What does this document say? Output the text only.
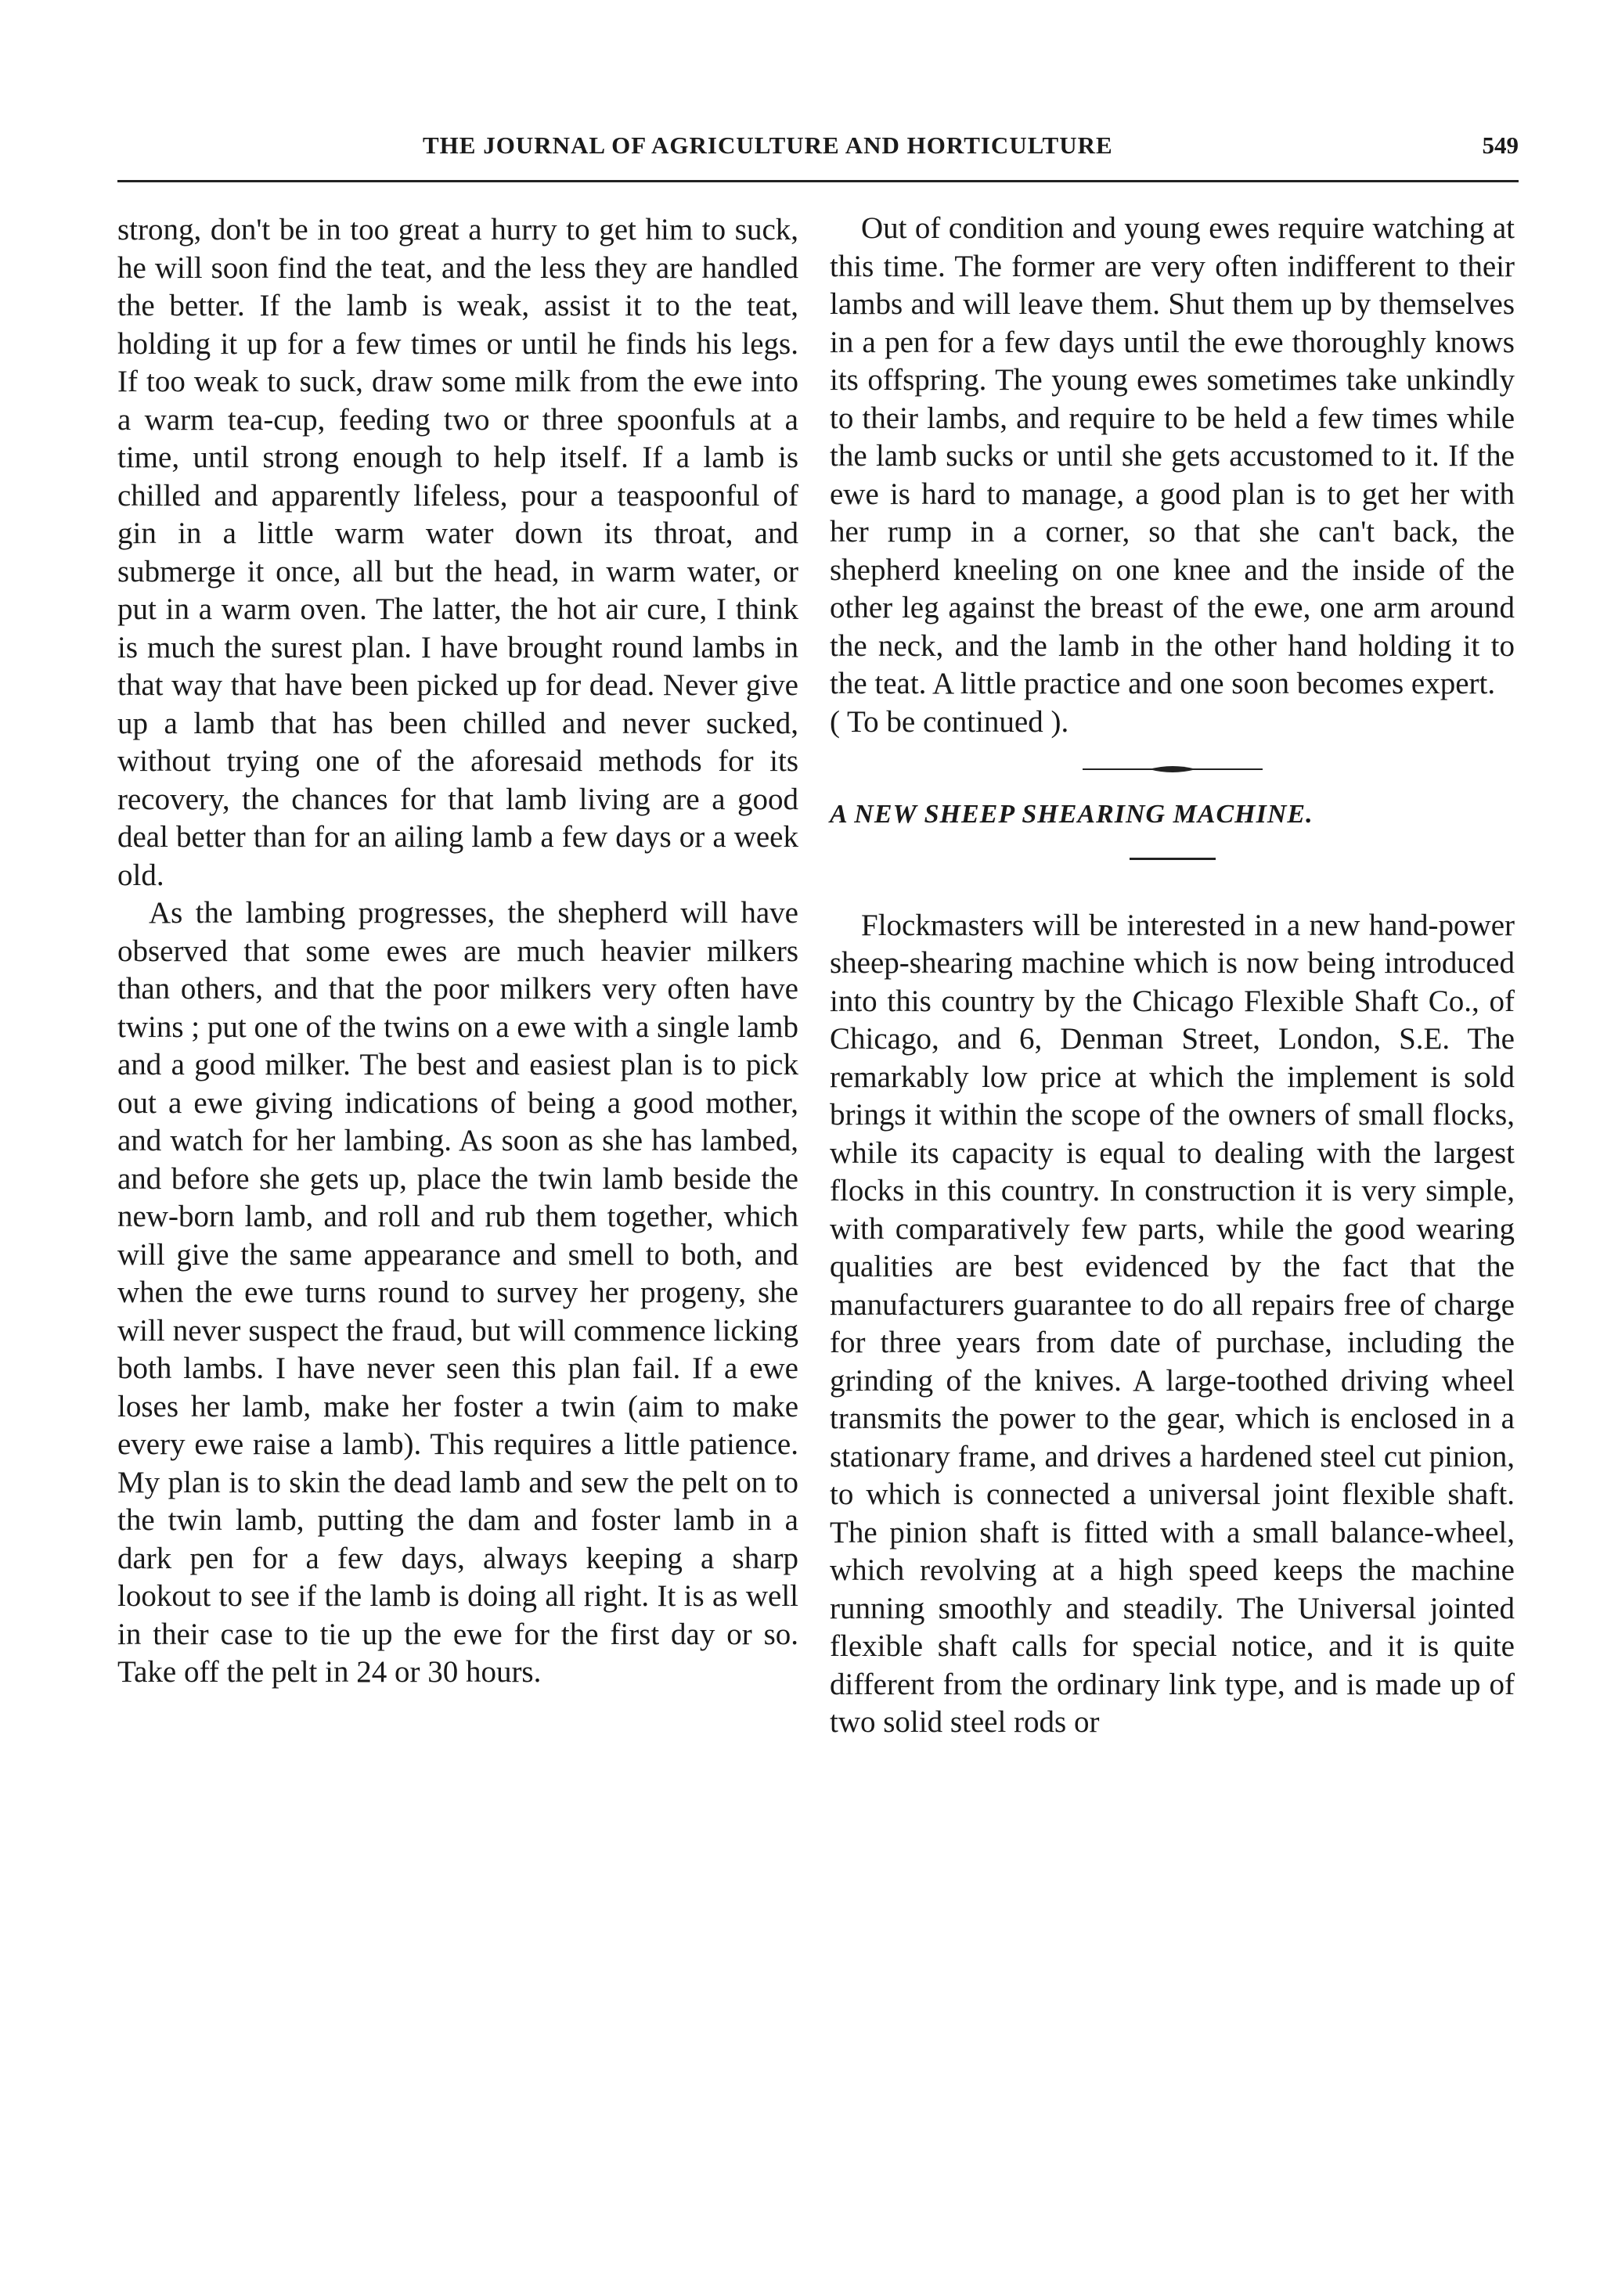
THE JOURNAL OF AGRICULTURE AND HORTICULTURE	549

strong, don't be in too great a hurry to get him to suck, he will soon find the teat, and the less they are handled the better. If the lamb is weak, assist it to the teat, holding it up for a few times or until he finds his legs. If too weak to suck, draw some milk from the ewe into a warm tea-cup, feeding two or three spoonfuls at a time, until strong enough to help itself. If a lamb is chilled and apparently lifeless, pour a teaspoonful of gin in a little warm water down its throat, and submerge it once, all but the head, in warm water, or put in a warm oven. The latter, the hot air cure, I think is much the surest plan. I have brought round lambs in that way that have been picked up for dead. Never give up a lamb that has been chilled and never sucked, without trying one of the aforesaid methods for its recovery, the chances for that lamb living are a good deal better than for an ailing lamb a few days or a week old.

As the lambing progresses, the shepherd will have observed that some ewes are much heavier milkers than others, and that the poor milkers very often have twins ; put one of the twins on a ewe with a single lamb and a good milker. The best and easiest plan is to pick out a ewe giving indications of being a good mother, and watch for her lambing. As soon as she has lambed, and before she gets up, place the twin lamb beside the new-born lamb, and roll and rub them together, which will give the same appearance and smell to both, and when the ewe turns round to survey her progeny, she will never suspect the fraud, but will commence licking both lambs. I have never seen this plan fail. If a ewe loses her lamb, make her foster a twin (aim to make every ewe raise a lamb). This requires a little patience. My plan is to skin the dead lamb and sew the pelt on to the twin lamb, putting the dam and foster lamb in a dark pen for a few days, always keeping a sharp lookout to see if the lamb is doing all right. It is as well in their case to tie up the ewe for the first day or so. Take off the pelt in 24 or 30 hours.

Out of condition and young ewes require watching at this time. The former are very often indifferent to their lambs and will leave them. Shut them up by themselves in a pen for a few days until the ewe thoroughly knows its offspring. The young ewes sometimes take unkindly to their lambs, and require to be held a few times while the lamb sucks or until she gets accustomed to it. If the ewe is hard to manage, a good plan is to get her with her rump in a corner, so that she can't back, the shepherd kneeling on one knee and the inside of the other leg against the breast of the ewe, one arm around the neck, and the lamb in the other hand holding it to the teat. A little practice and one soon becomes expert.

( To be continued ).

A NEW SHEEP SHEARING MACHINE.

Flockmasters will be interested in a new hand-power sheep-shearing machine which is now being introduced into this country by the Chicago Flexible Shaft Co., of Chicago, and 6, Denman Street, London, S.E. The remarkably low price at which the implement is sold brings it within the scope of the owners of small flocks, while its capacity is equal to dealing with the largest flocks in this country. In construction it is very simple, with comparatively few parts, while the good wearing qualities are best evidenced by the fact that the manufacturers guarantee to do all repairs free of charge for three years from date of purchase, including the grinding of the knives. A large-toothed driving wheel transmits the power to the gear, which is enclosed in a stationary frame, and drives a hardened steel cut pinion, to which is connected a universal joint flexible shaft. The pinion shaft is fitted with a small balance-wheel, which revolving at a high speed keeps the machine running smoothly and steadily. The Universal jointed flexible shaft calls for special notice, and it is quite different from the ordinary link type, and is made up of two solid steel rods or
